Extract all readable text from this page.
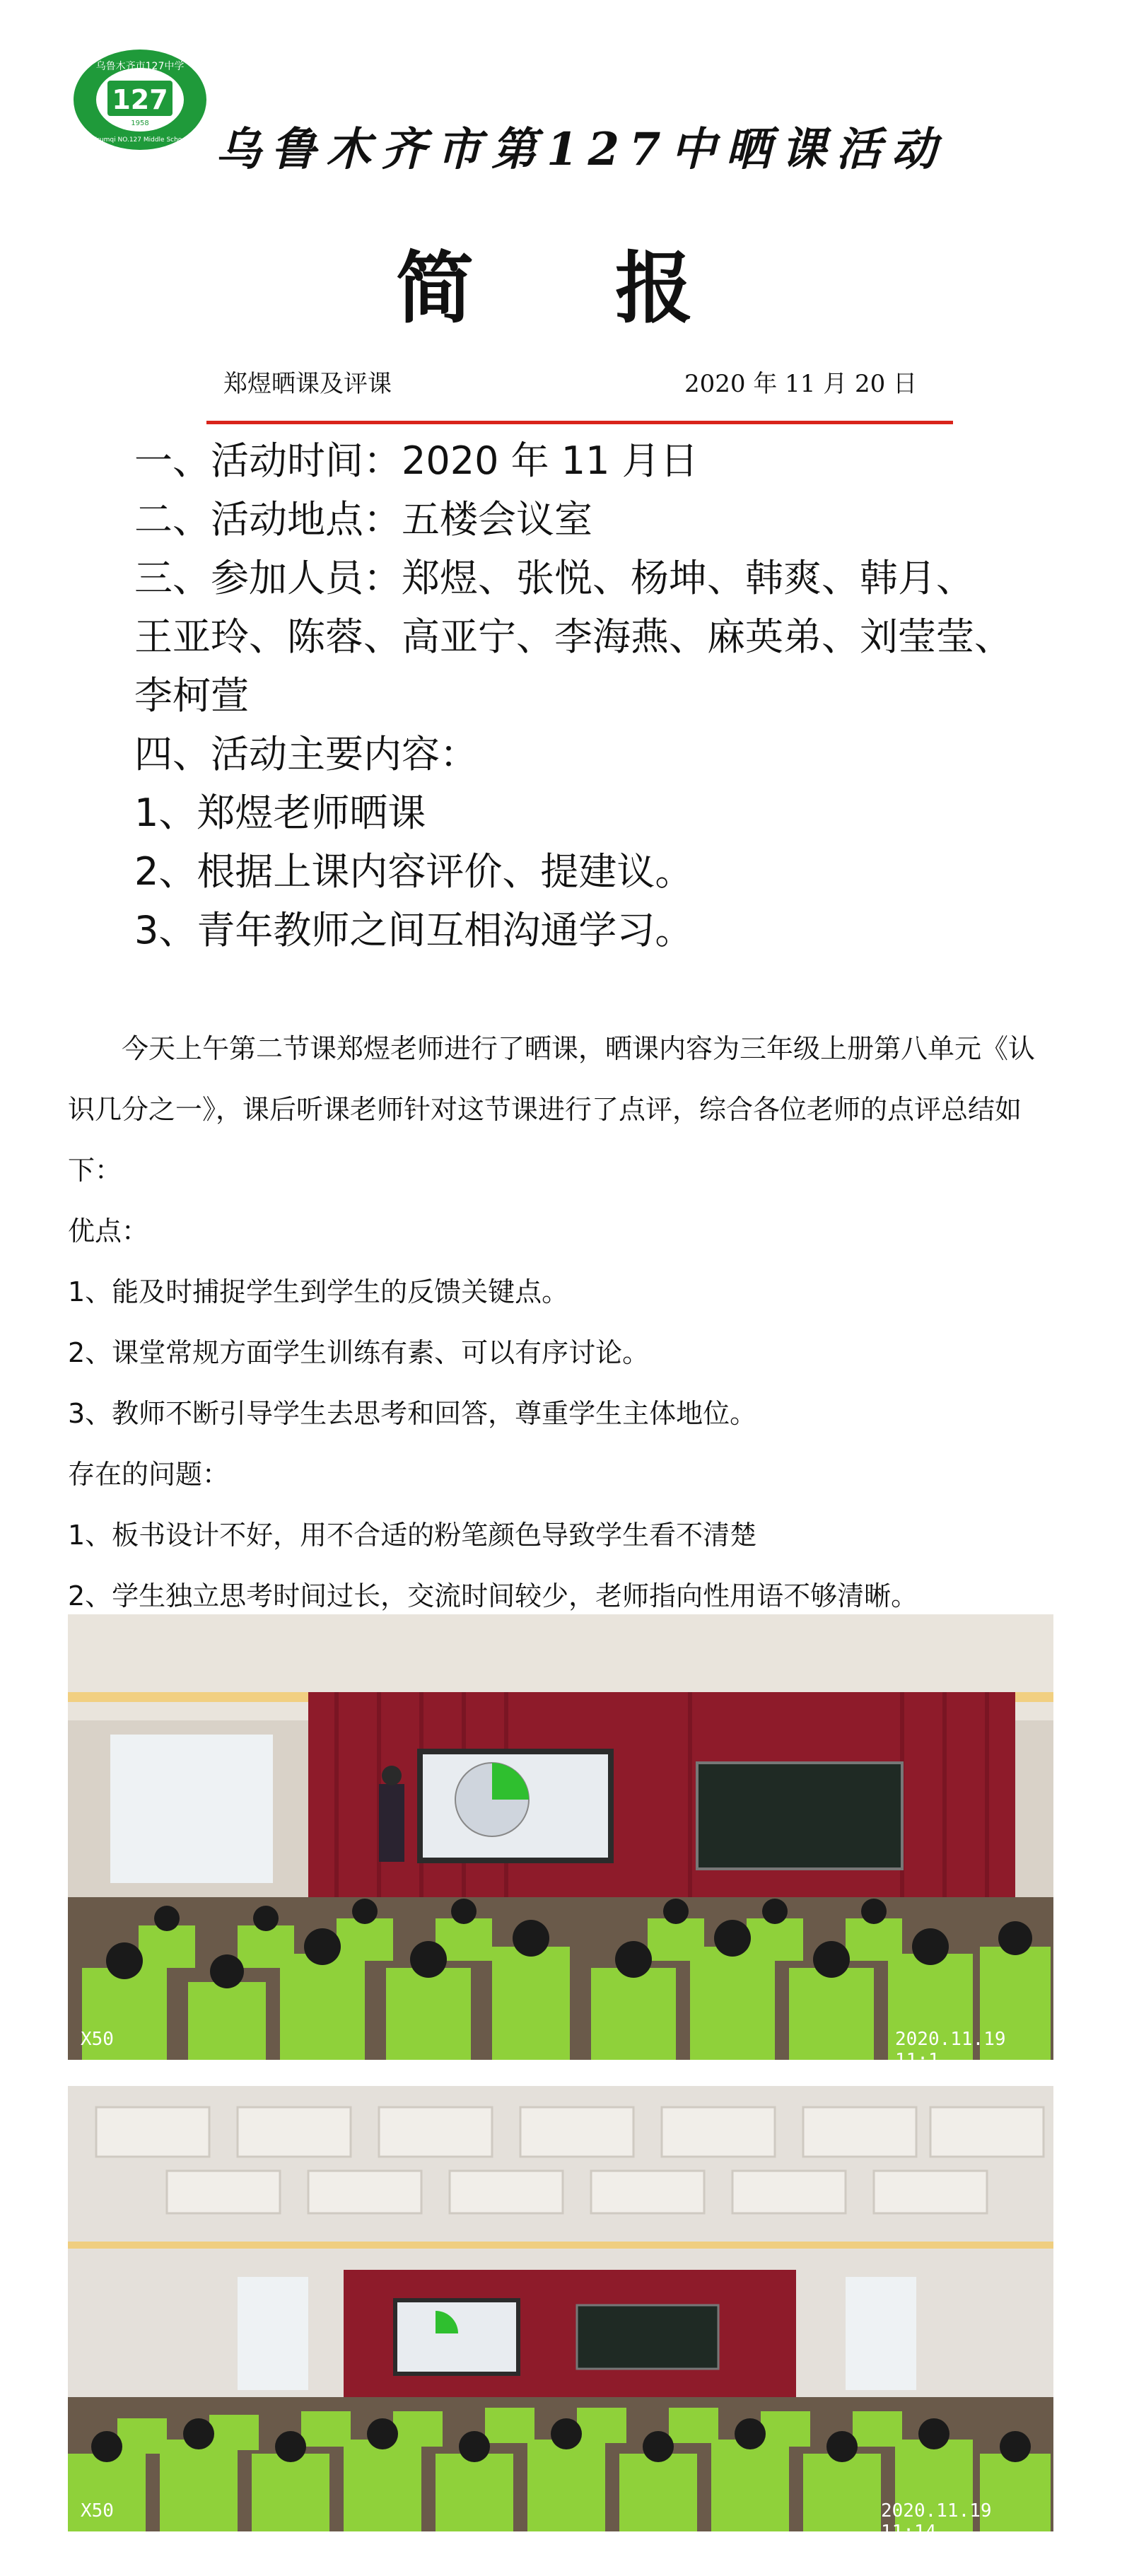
127
乌鲁木齐市127中学
1958
Urumqi NO.127 Middle School 乌鲁木齐市第127中晒课活动
简报
郑煜晒课及评课	2020 年 11 月 20 日
一、活动时间：2020 年 11 月日
二、活动地点：五楼会议室
三、参加人员：郑煜、张悦、杨坤、韩爽、韩月、
王亚玲、陈蓉、高亚宁、李海燕、麻英弟、刘莹莹、
李柯萱
四、活动主要内容：
1、郑煜老师晒课
2、根据上课内容评价、提建议。
3、青年教师之间互相沟通学习。

今天上午第二节课郑煜老师进行了晒课，晒课内容为三年级上册第八单元《认识几分之一》，课后听课老师针对这节课进行了点评，综合各位老师的点评总结如下：

优点：

1、能及时捕捉学生到学生的反馈关键点。

2、课堂常规方面学生训练有素、可以有序讨论。

3、教师不断引导学生去思考和回答，尊重学生主体地位。

存在的问题：

1、板书设计不好，用不合适的粉笔颜色导致学生看不清楚

2、学生独立思考时间过长，交流时间较少，老师指向性用语不够清晰。

X50	2020.11.19 11:1
X50	2020.11.19 11:14
